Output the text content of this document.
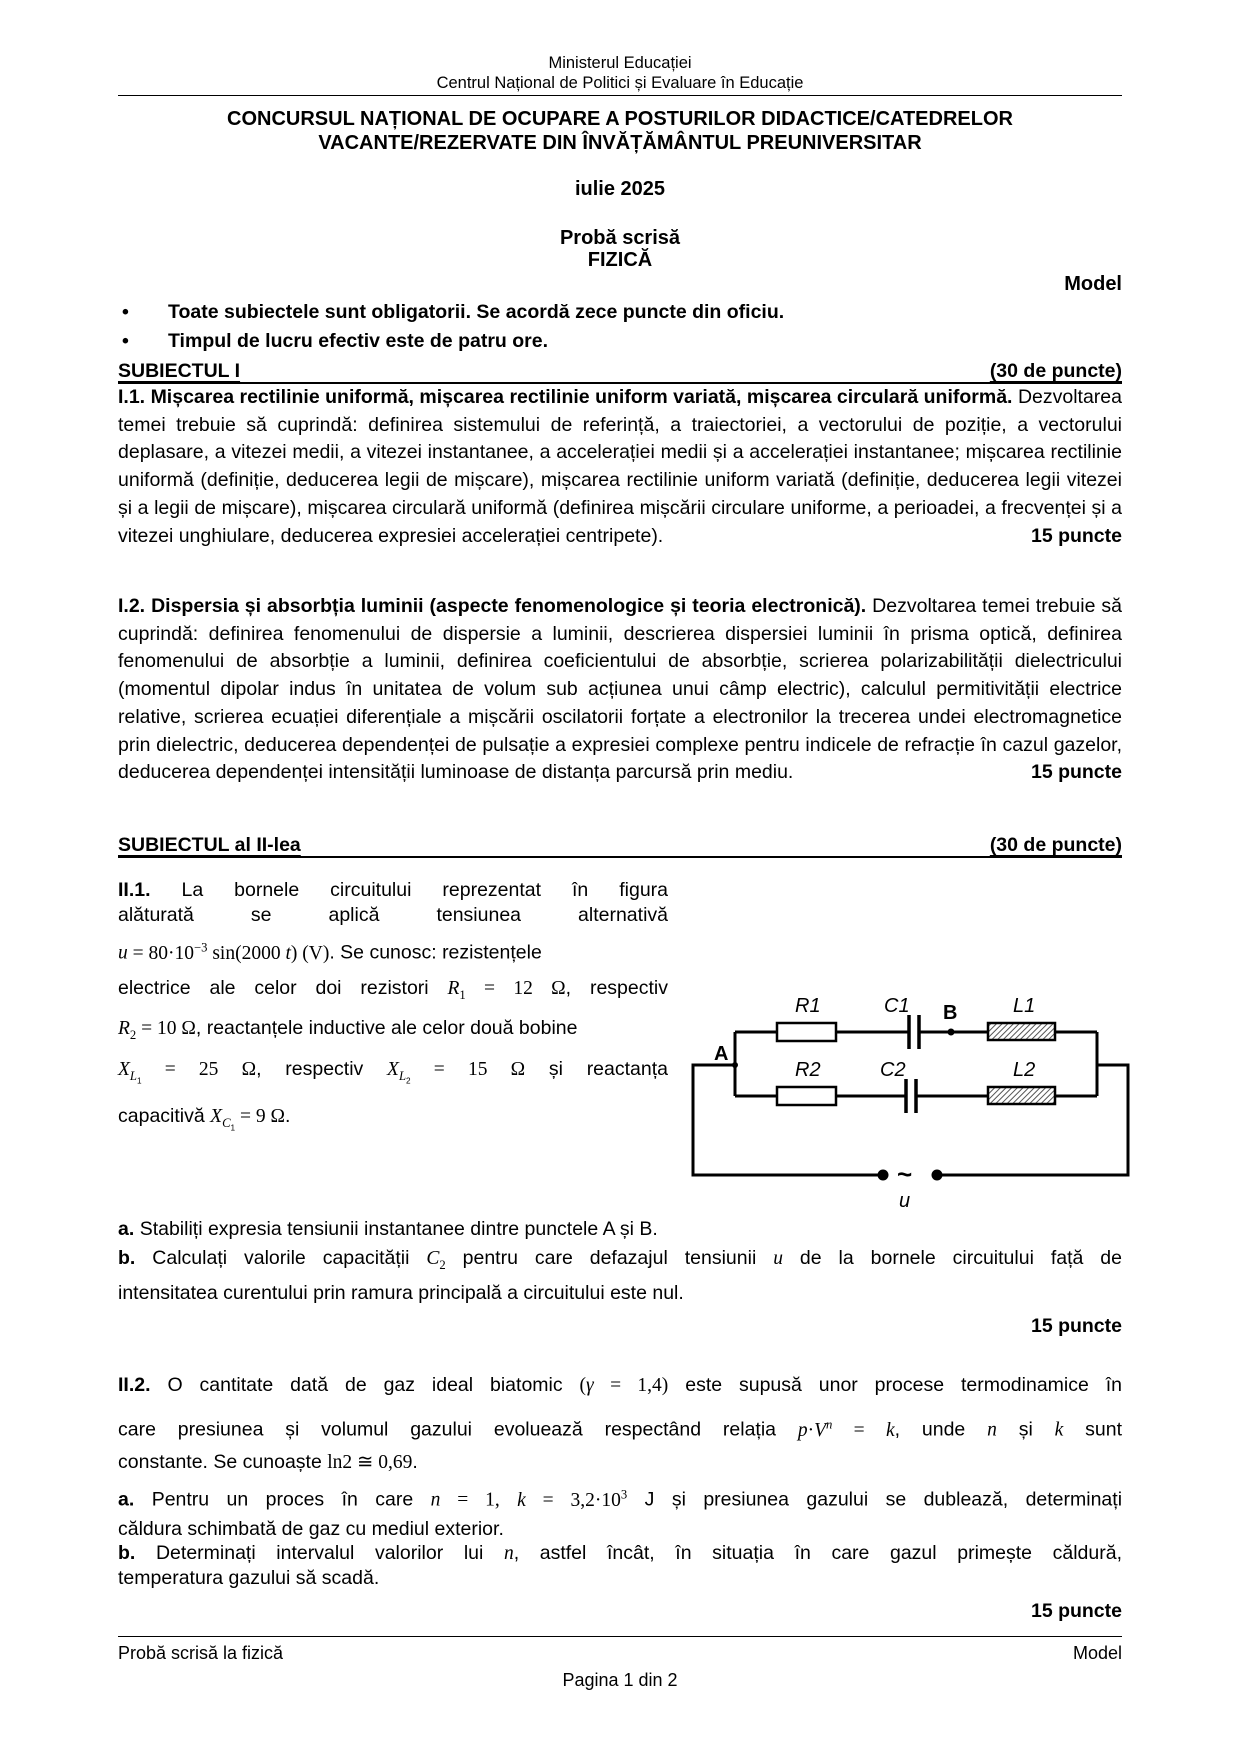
Ministerul Educației
Centrul Național de Politici și Evaluare în Educație
CONCURSUL NAȚIONAL DE OCUPARE A POSTURILOR DIDACTICE/CATEDRELOR
VACANTE/REZERVATE DIN ÎNVĂȚĂMÂNTUL PREUNIVERSITAR
iulie 2025
Probă scrisă
FIZICĂ
Model
•	Toate subiectele sunt obligatorii. Se acordă zece puncte din oficiu.
•	Timpul de lucru efectiv este de patru ore.
SUBIECTUL I	(30 de puncte)
I.1. Mișcarea rectilinie uniformă, mișcarea rectilinie uniform variată, mișcarea circulară uniformă. Dezvoltarea temei trebuie să cuprindă: definirea sistemului de referință, a traiectoriei, a vectorului de poziție, a vectorului deplasare, a vitezei medii, a vitezei instantanee, a accelerației medii și a accelerației instantanee; mișcarea rectilinie uniformă (definiție, deducerea legii de mișcare), mișcarea rectilinie uniform variată (definiție, deducerea legii vitezei și a legii de mișcare), mișcarea circulară uniformă (definirea mișcării circulare uniforme, a perioadei, a frecvenței și a vitezei unghiulare, deducerea expresiei accelerației centripete).	15 puncte
I.2. Dispersia și absorbția luminii (aspecte fenomenologice și teoria electronică). Dezvoltarea temei trebuie să cuprindă: definirea fenomenului de dispersie a luminii, descrierea dispersiei luminii în prisma optică, definirea fenomenului de absorbție a luminii, definirea coeficientului de absorbție, scrierea polarizabilității dielectricului (momentul dipolar indus în unitatea de volum sub acțiunea unui câmp electric), calculul permitivității electrice relative, scrierea ecuației diferențiale a mișcării oscilatorii forțate a electronilor la trecerea undei electromagnetice prin dielectric, deducerea dependenței de pulsație a expresiei complexe pentru indicele de refracție în cazul gazelor, deducerea dependenței intensității luminoase de distanța parcursă prin mediu.	15 puncte
SUBIECTUL al II-lea	(30 de puncte)
II.1. La bornele circuitului reprezentat în figura
alăturată se aplică tensiunea alternativă
$u = 80\cdot 10^{-3}$ sin(2000 t) (V). Se cunosc: rezistențele
electrice ale celor doi rezistori $R_1 = 12$ Ω, respectiv
$R_2 = 10$ Ω, reactanțele inductive ale celor două bobine
$X_{L_1} = 25$ Ω, respectiv $X_{L_2} = 15$ Ω și reactanța
capacitivă $X_{C_1} = 9$ Ω.
R1
R2
C1
C2
L1
L2
u
A
B
~
a. Stabiliți expresia tensiunii instantanee dintre punctele A și B.
b. Calculați valorile capacității $C_2$ pentru care defazajul tensiunii u de la bornele circuitului față de
intensitatea curentului prin ramura principală a circuitului este nul.
15 puncte
II.2. O cantitate dată de gaz ideal biatomic (γ = 1,4) este supusă unor procese termodinamice în
care presiunea și volumul gazului evoluează respectând relația $p\cdot V^n = k$, unde n și k sunt
constante. Se cunoaște ln2 ≅ 0,69.
a. Pentru un proces în care n = 1, $k = 3,2\cdot 10^3$ J și presiunea gazului se dublează, determinați
căldura schimbată de gaz cu mediul exterior.
b. Determinați intervalul valorilor lui n, astfel încât, în situația în care gazul primește căldură,
temperatura gazului să scadă.
15 puncte
Probă scrisă la fizică	Model
Pagina 1 din 2
